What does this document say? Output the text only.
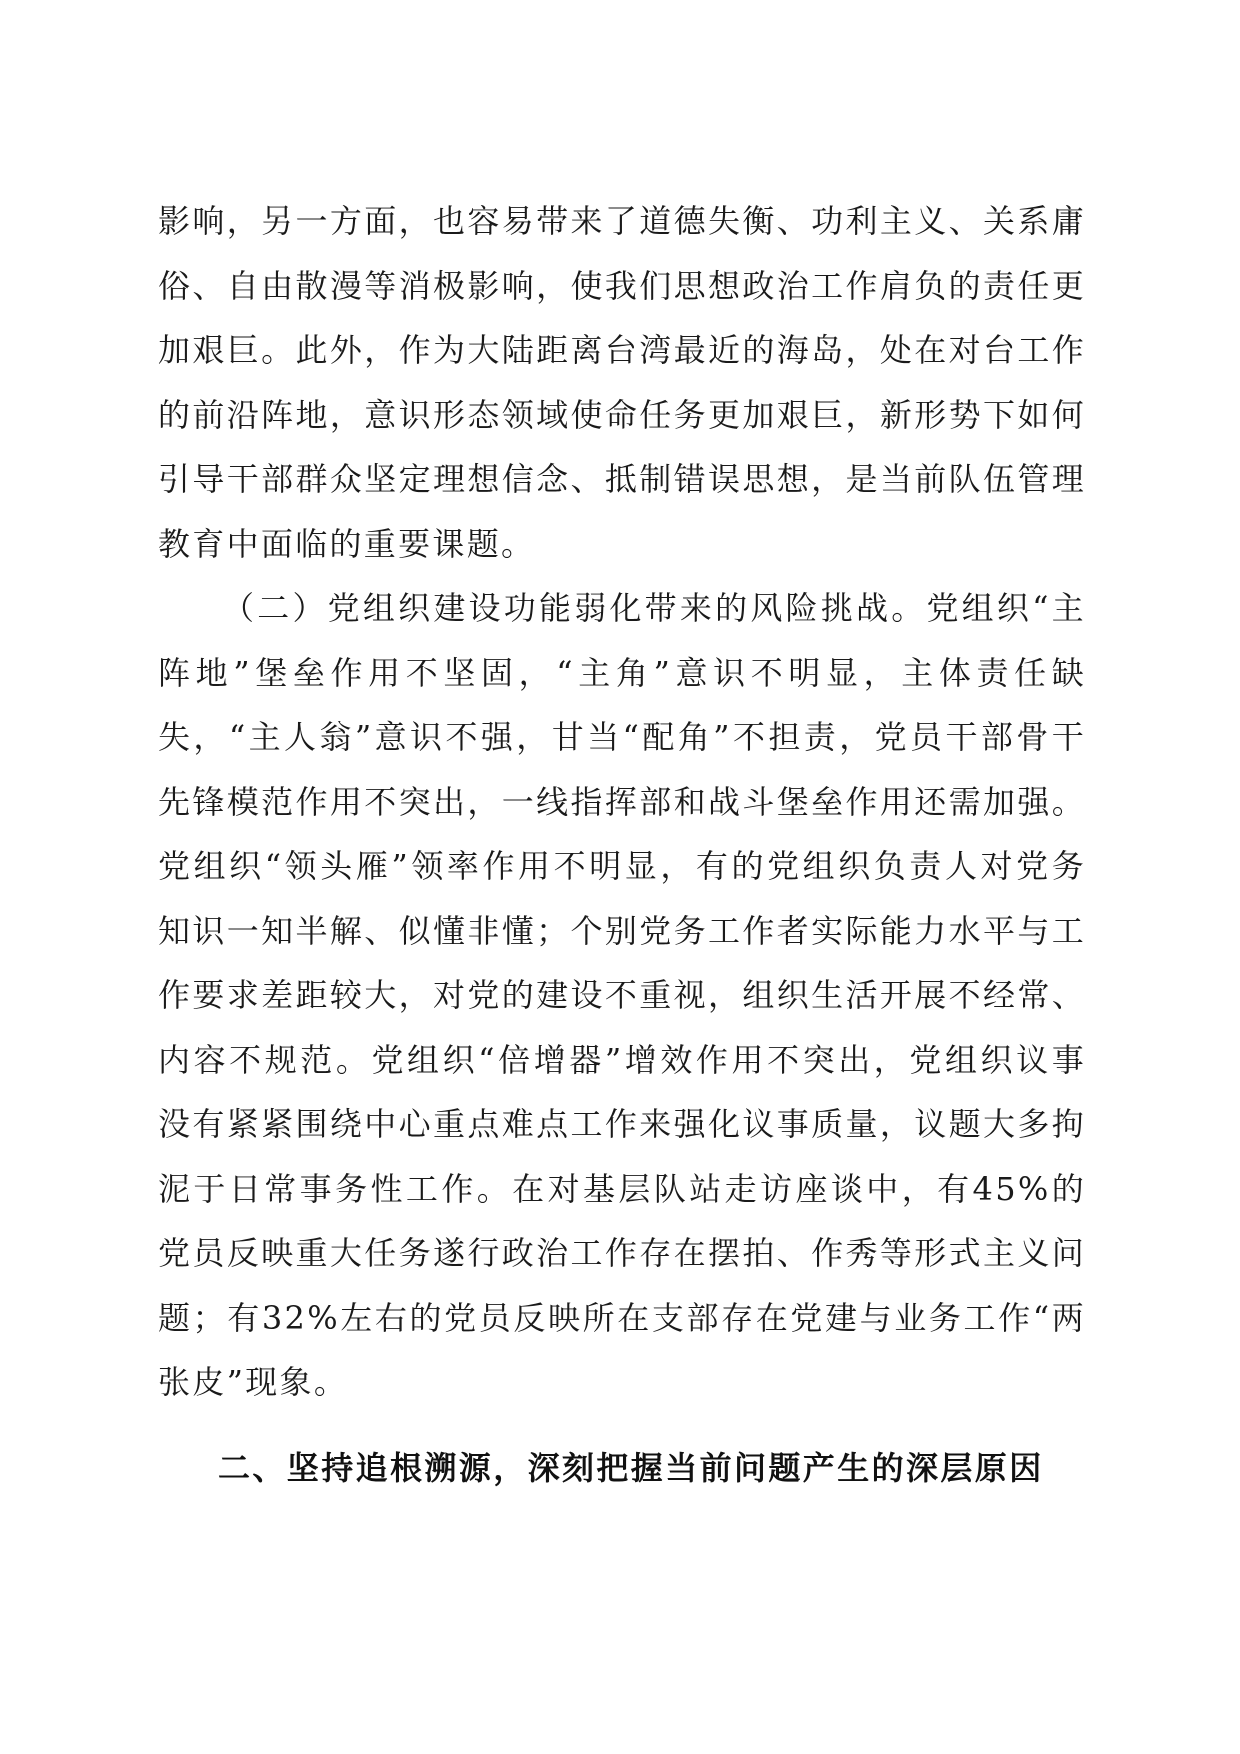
影响，另一方面，也容易带来了道德失衡、功利主义、关系庸俗、自由散漫等消极影响，使我们思想政治工作肩负的责任更加艰巨。此外，作为大陆距离台湾最近的海岛，处在对台工作的前沿阵地，意识形态领域使命任务更加艰巨，新形势下如何引导干部群众坚定理想信念、抵制错误思想，是当前队伍管理教育中面临的重要课题。

（二）党组织建设功能弱化带来的风险挑战。党组织“主阵地”堡垒作用不坚固，“主角”意识不明显，主体责任缺失，“主人翁”意识不强，甘当“配角”不担责，党员干部骨干先锋模范作用不突出，一线指挥部和战斗堡垒作用还需加强。党组织“领头雁”领率作用不明显，有的党组织负责人对党务知识一知半解、似懂非懂；个别党务工作者实际能力水平与工作要求差距较大，对党的建设不重视，组织生活开展不经常、内容不规范。党组织“倍增器”增效作用不突出，党组织议事没有紧紧围绕中心重点难点工作来强化议事质量，议题大多拘泥于日常事务性工作。在对基层队站走访座谈中，有45%的党员反映重大任务遂行政治工作存在摆拍、作秀等形式主义问题；有32%左右的党员反映所在支部存在党建与业务工作“两张皮”现象。

二、坚持追根溯源，深刻把握当前问题产生的深层原因
